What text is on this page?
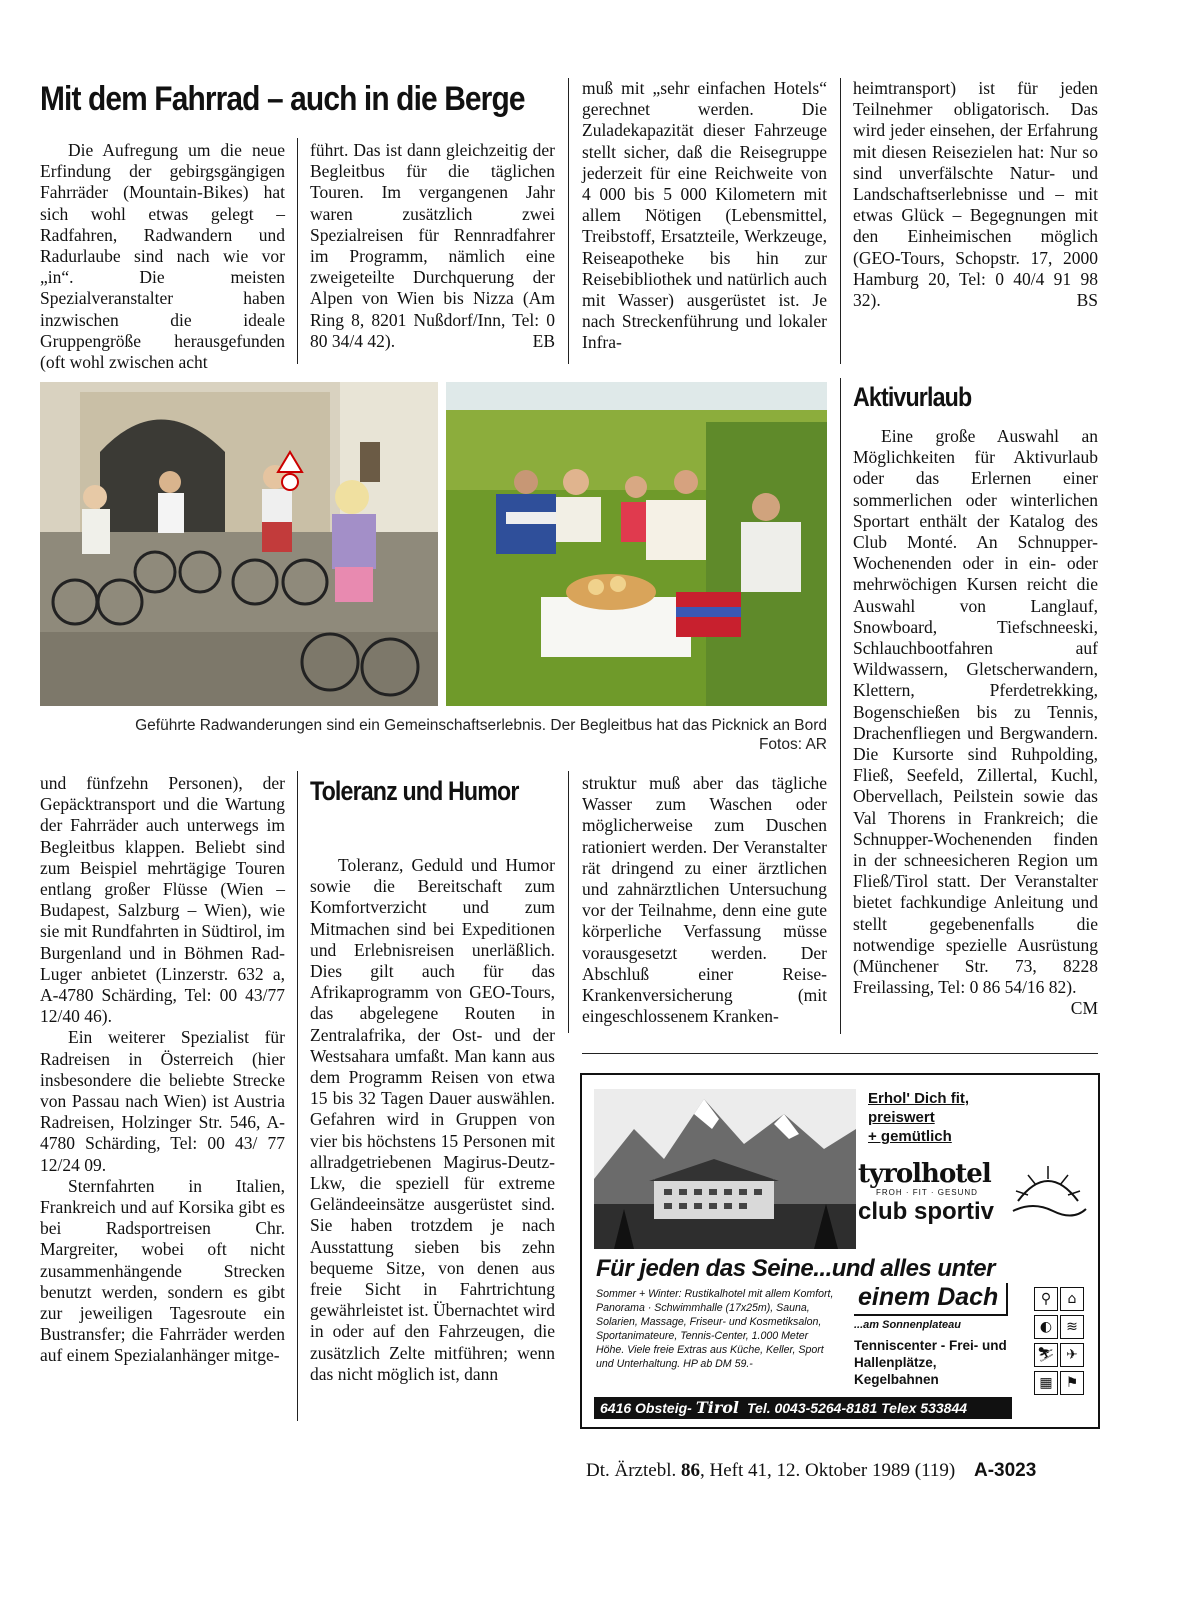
Mit dem Fahrrad – auch in die Berge

Die Aufregung um die neue Erfindung der gebirgsgängigen Fahrräder (Mountain-Bikes) hat sich wohl etwas gelegt – Radfahren, Radwandern und Radurlaube sind nach wie vor „in“. Die meisten Spezialveranstalter haben inzwischen die ideale Gruppengröße herausgefunden (oft wohl zwischen acht

führt. Das ist dann gleichzeitig der Begleitbus für die täglichen Touren. Im vergangenen Jahr waren zusätzlich zwei Spezialreisen für Rennradfahrer im Programm, nämlich eine zweigeteilte Durchquerung der Alpen von Wien bis Nizza (Am Ring 8, 8201 Nußdorf/Inn, Tel: 0 80 34/4 42).	EB

muß mit „sehr einfachen Hotels“ gerechnet werden. Die Zuladekapazität dieser Fahrzeuge stellt sicher, daß die Reisegruppe jederzeit für eine Reichweite von 4 000 bis 5 000 Kilometern mit allem Nötigen (Lebensmittel, Treibstoff, Ersatzteile, Werkzeuge, Reiseapotheke bis hin zur Reisebibliothek und natürlich auch mit Wasser) ausgerüstet ist. Je nach Streckenführung und lokaler Infra-

heimtransport) ist für jeden Teilnehmer obligatorisch. Das wird jeder einsehen, der Erfahrung mit diesen Reisezielen hat: Nur so sind unverfälschte Natur- und Landschaftserlebnisse und – mit etwas Glück – Begegnungen mit den Einheimischen möglich (GEO-Tours, Schopstr. 17, 2000 Hamburg 20, Tel: 0 40/4 91 98 32).	BS

Geführte Radwanderungen sind ein Gemeinschaftserlebnis. Der Begleitbus hat das Picknick an Bord
Fotos: AR

und fünfzehn Personen), der Gepäcktransport und die Wartung der Fahrräder auch unterwegs im Begleitbus klappen. Beliebt sind zum Beispiel mehrtägige Touren entlang großer Flüsse (Wien – Budapest, Salzburg – Wien), wie sie mit Rundfahrten in Südtirol, im Burgenland und in Böhmen Rad-Luger anbietet (Linzerstr. 632 a, A-4780 Schärding, Tel: 00 43/77 12/40 46).

Ein weiterer Spezialist für Radreisen in Österreich (hier insbesondere die beliebte Strecke von Passau nach Wien) ist Austria Radreisen, Holzinger Str. 546, A-4780 Schärding, Tel: 00 43/ 77 12/24 09.

Sternfahrten in Italien, Frankreich und auf Korsika gibt es bei Radsportreisen Chr. Margreiter, wobei oft nicht zusammenhängende Strecken benutzt werden, sondern es gibt zur jeweiligen Tagesroute ein Bustransfer; die Fahrräder werden auf einem Spezialanhänger mitge-

Toleranz und Humor

Toleranz, Geduld und Humor sowie die Bereitschaft zum Komfortverzicht und zum Mitmachen sind bei Expeditionen und Erlebnisreisen unerläßlich. Dies gilt auch für das Afrikaprogramm von GEO-Tours, das abgelegene Routen in Zentralafrika, der Ost- und der Westsahara umfaßt. Man kann aus dem Programm Reisen von etwa 15 bis 32 Tagen Dauer auswählen. Gefahren wird in Gruppen von vier bis höchstens 15 Personen mit allradgetriebenen Magirus-Deutz-Lkw, die speziell für extreme Geländeeinsätze ausgerüstet sind. Sie haben trotzdem je nach Ausstattung sieben bis zehn bequeme Sitze, von denen aus freie Sicht in Fahrtrichtung gewährleistet ist. Übernachtet wird in oder auf den Fahrzeugen, die zusätzlich Zelte mitführen; wenn das nicht möglich ist, dann

struktur muß aber das tägliche Wasser zum Waschen oder möglicherweise zum Duschen rationiert werden. Der Veranstalter rät dringend zu einer ärztlichen und zahnärztlichen Untersuchung vor der Teilnahme, denn eine gute körperliche Verfassung müsse vorausgesetzt werden. Der Abschluß einer Reise-Krankenversicherung (mit eingeschlossenem Kranken-

Aktivurlaub

Eine große Auswahl an Möglichkeiten für Aktivurlaub oder das Erlernen einer sommerlichen oder winterlichen Sportart enthält der Katalog des Club Monté. An Schnupper-Wochenenden oder in ein- oder mehrwöchigen Kursen reicht die Auswahl von Langlauf, Snowboard, Tiefschneeski, Schlauchbootfahren auf Wildwassern, Gletscherwandern, Klettern, Pferdetrekking, Bogenschießen bis zu Tennis, Drachenfliegen und Bergwandern. Die Kursorte sind Ruhpolding, Fließ, Seefeld, Zillertal, Kuchl, Obervellach, Peilstein sowie das Val Thorens in Frankreich; die Schnupper-Wochenenden finden in der schneesicheren Region um Fließ/Tirol statt. Der Veranstalter bietet fachkundige Anleitung und stellt gegebenenfalls die notwendige spezielle Ausrüstung (Münchener Str. 73, 8228 Freilassing, Tel: 0 86 54/16 82).
CM

Erhol' Dich fit,
preiswert
+ gemütlich
tyrolhotel
FROH · FIT · GESUND
club sportiv
Für jeden das Seine...und alles unter
einem Dach
Sommer + Winter: Rustikalhotel mit allem Komfort, Panorama · Schwimmhalle (17x25m), Sauna, Solarien, Massage, Friseur- und Kosmetiksalon, Sportanimateure, Tennis-Center, 1.000 Meter Höhe. Viele freie Extras aus Küche, Keller, Sport und Unterhaltung. HP ab DM 59.-
...am Sonnenplateau
Tenniscenter - Frei- und Hallenplätze, Kegelbahnen
⚲	⌂
◐	≋
⛷ ✈
▦ ⚑
6416 Obsteig- Tirol Tel. 0043-5264-8181 Telex 533844
Dt. Ärztebl. 86, Heft 41, 12. Oktober 1989 (119) A-3023
